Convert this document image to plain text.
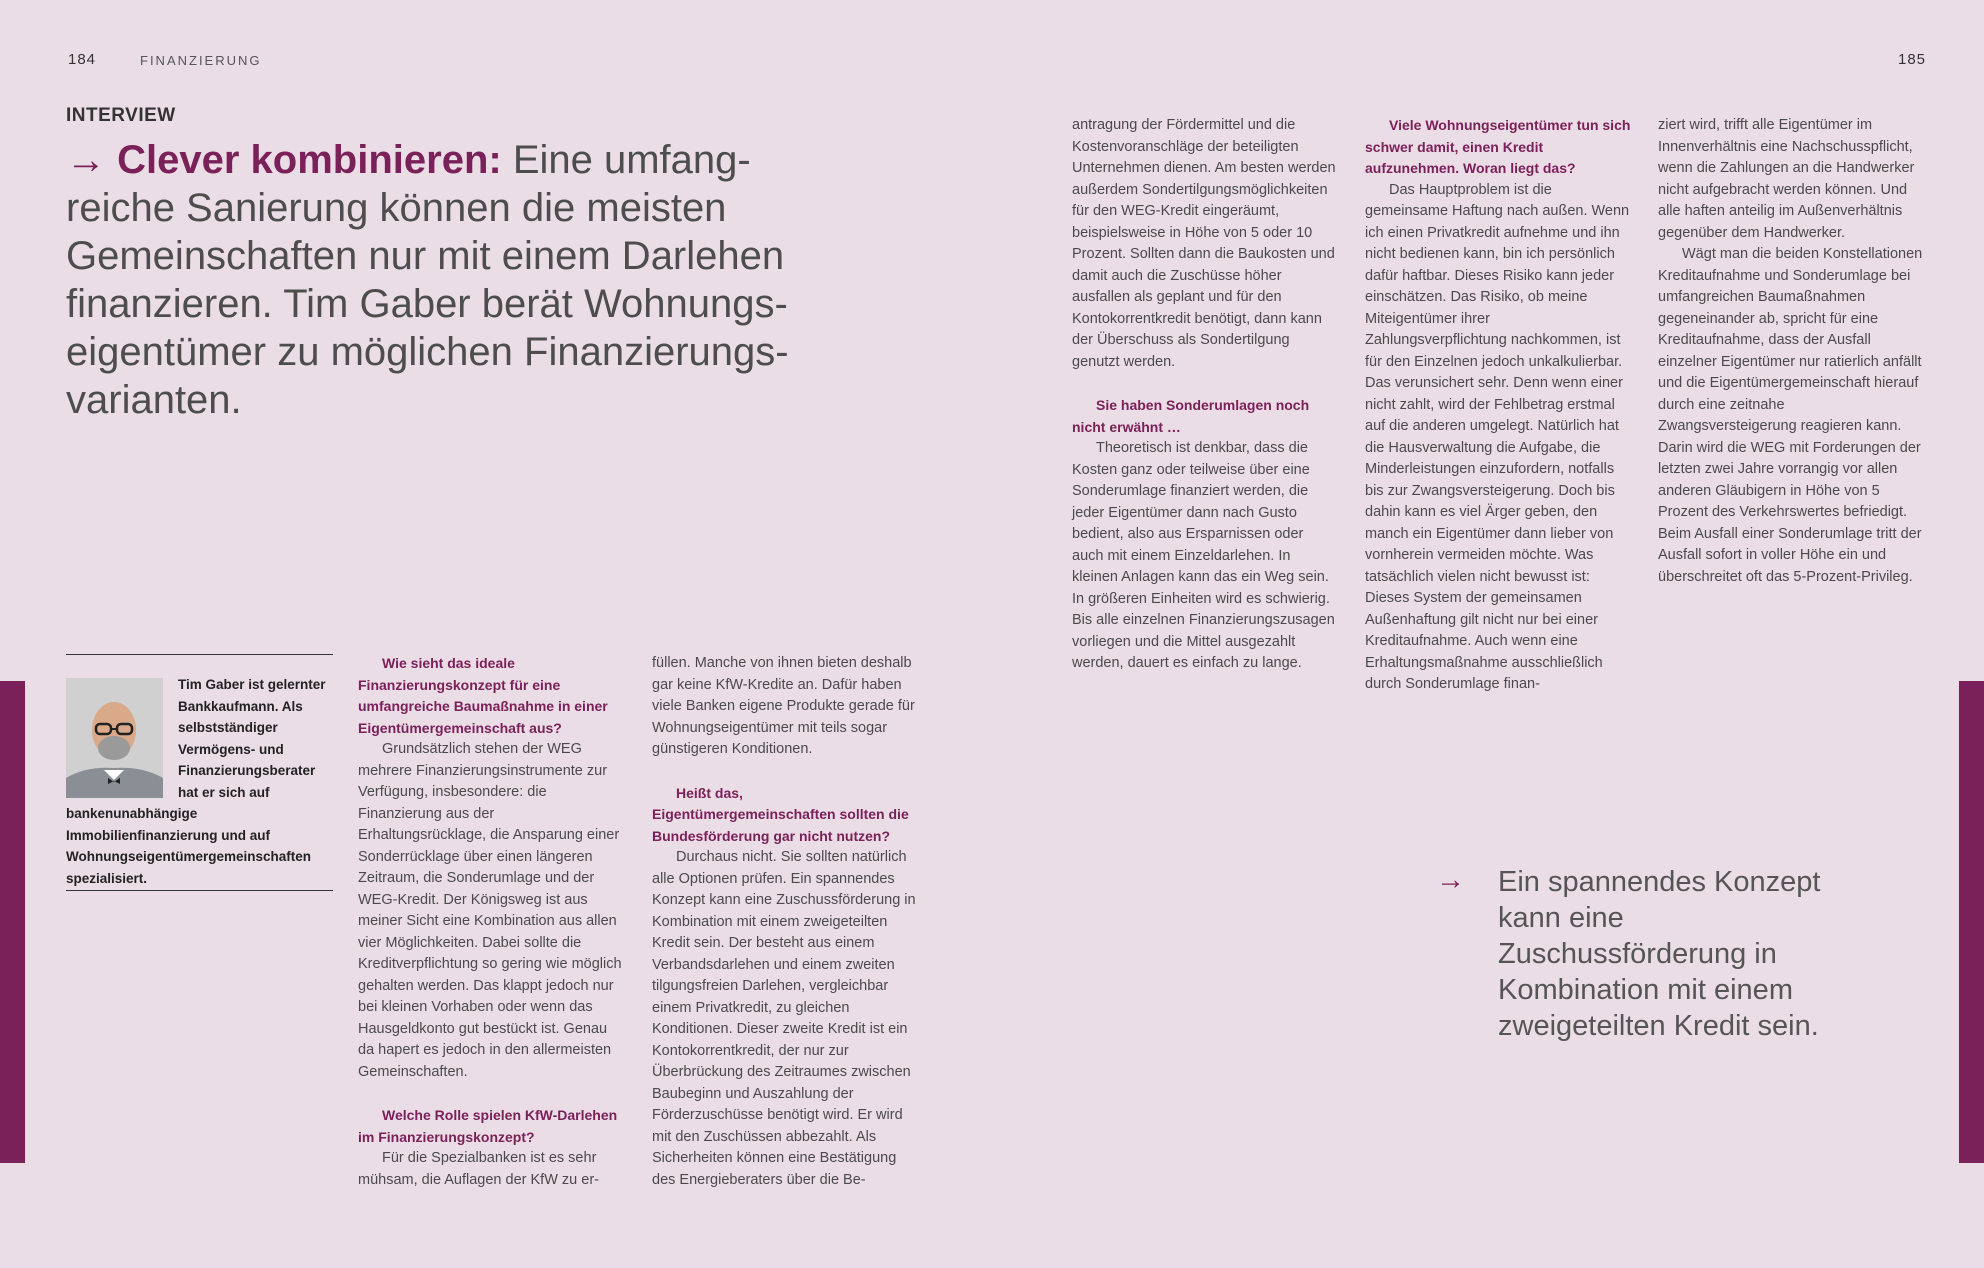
184	FINANZIERUNG	185
INTERVIEW
→ Clever kombinieren: Eine umfang-reiche Sanierung können die meisten Gemeinschaften nur mit einem Darlehen finanzieren. Tim Gaber berät Wohnungs-eigentümer zu möglichen Finanzierungs-varianten.
Tim Gaber ist gelernter Bankkaufmann. Als selbstständiger Vermögens- und Finanzierungsberater hat er sich auf bankenunabhängige Immobilienfinanzierung und auf Wohnungseigentümergemeinschaften spezialisiert.

Wie sieht das ideale Finanzierungskonzept für eine umfangreiche Baumaßnahme in einer Eigentümergemeinschaft aus?

Grundsätzlich stehen der WEG mehrere Finanzierungsinstrumente zur Verfügung, insbesondere: die Finanzierung aus der Erhaltungsrücklage, die Ansparung einer Sonderrücklage über einen längeren Zeitraum, die Sonderumlage und der WEG-Kredit. Der Königsweg ist aus meiner Sicht eine Kombination aus allen vier Möglichkeiten. Dabei sollte die Kreditverpflichtung so gering wie möglich gehalten werden. Das klappt jedoch nur bei kleinen Vorhaben oder wenn das Hausgeldkonto gut bestückt ist. Genau da hapert es jedoch in den allermeisten Gemeinschaften.

Welche Rolle spielen KfW-Darlehen im Finanzierungskonzept?

Für die Spezialbanken ist es sehr mühsam, die Auflagen der KfW zu er-

füllen. Manche von ihnen bieten deshalb gar keine KfW-Kredite an. Dafür haben viele Banken eigene Produkte gerade für Wohnungseigentümer mit teils sogar günstigeren Konditionen.

Heißt das, Eigentümergemeinschaften sollten die Bundesförderung gar nicht nutzen?

Durchaus nicht. Sie sollten natürlich alle Optionen prüfen. Ein spannendes Konzept kann eine Zuschussförderung in Kombination mit einem zweigeteilten Kredit sein. Der besteht aus einem Verbandsdarlehen und einem zweiten tilgungsfreien Darlehen, vergleichbar einem Privatkredit, zu gleichen Konditionen. Dieser zweite Kredit ist ein Kontokorrentkredit, der nur zur Überbrückung des Zeitraumes zwischen Baubeginn und Auszahlung der Förderzuschüsse benötigt wird. Er wird mit den Zuschüssen abbezahlt. Als Sicherheiten können eine Bestätigung des Energieberaters über die Be-

antragung der Fördermittel und die Kostenvoranschläge der beteiligten Unternehmen dienen. Am besten werden außerdem Sondertilgungsmöglichkeiten für den WEG-Kredit eingeräumt, beispielsweise in Höhe von 5 oder 10 Prozent. Sollten dann die Baukosten und damit auch die Zuschüsse höher ausfallen als geplant und für den Kontokorrentkredit benötigt, dann kann der Überschuss als Sondertilgung genutzt werden.

Sie haben Sonderumlagen noch nicht erwähnt …

Theoretisch ist denkbar, dass die Kosten ganz oder teilweise über eine Sonderumlage finanziert werden, die jeder Eigentümer dann nach Gusto bedient, also aus Ersparnissen oder auch mit einem Einzeldarlehen. In kleinen Anlagen kann das ein Weg sein. In größeren Einheiten wird es schwierig. Bis alle einzelnen Finanzierungszusagen vorliegen und die Mittel ausgezahlt werden, dauert es einfach zu lange.

Viele Wohnungseigentümer tun sich schwer damit, einen Kredit aufzunehmen. Woran liegt das?

Das Hauptproblem ist die gemeinsame Haftung nach außen. Wenn ich einen Privatkredit aufnehme und ihn nicht bedienen kann, bin ich persönlich dafür haftbar. Dieses Risiko kann jeder einschätzen. Das Risiko, ob meine Miteigentümer ihrer Zahlungsverpflichtung nachkommen, ist für den Einzelnen jedoch unkalkulierbar. Das verunsichert sehr. Denn wenn einer nicht zahlt, wird der Fehlbetrag erstmal auf die anderen umgelegt. Natürlich hat die Hausverwaltung die Aufgabe, die Minderleistungen einzufordern, notfalls bis zur Zwangsversteigerung. Doch bis dahin kann es viel Ärger geben, den manch ein Eigentümer dann lieber von vornherein vermeiden möchte. Was tatsächlich vielen nicht bewusst ist: Dieses System der gemeinsamen Außenhaftung gilt nicht nur bei einer Kreditaufnahme. Auch wenn eine Erhaltungsmaßnahme ausschließlich durch Sonderumlage finan-

ziert wird, trifft alle Eigentümer im Innenverhältnis eine Nachschusspflicht, wenn die Zahlungen an die Handwerker nicht aufgebracht werden können. Und alle haften anteilig im Außenverhältnis gegenüber dem Handwerker.

Wägt man die beiden Konstellationen Kreditaufnahme und Sonderumlage bei umfangreichen Baumaßnahmen gegeneinander ab, spricht für eine Kreditaufnahme, dass der Ausfall einzelner Eigentümer nur ratierlich anfällt und die Eigentümergemeinschaft hierauf durch eine zeitnahe Zwangsversteigerung reagieren kann. Darin wird die WEG mit Forderungen der letzten zwei Jahre vorrangig vor allen anderen Gläubigern in Höhe von 5 Prozent des Verkehrswertes befriedigt. Beim Ausfall einer Sonderumlage tritt der Ausfall sofort in voller Höhe ein und überschreitet oft das 5-Prozent-Privileg.

→	Ein spannendes Konzept kann eine Zuschussförderung in Kombination mit einem zweigeteilten Kredit sein.
